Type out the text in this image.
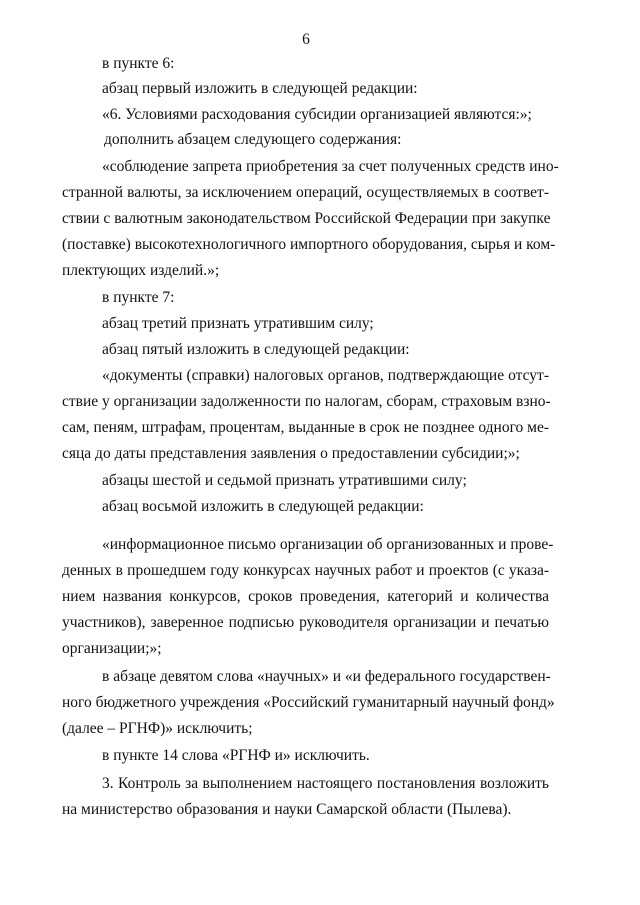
6
в пункте 6:
абзац первый изложить в следующей редакции:
«6. Условиями расходования субсидии организацией являются:»;
дополнить абзацем следующего содержания:
«соблюдение запрета приобретения за счет полученных средств ино-
странной валюты, за исключением операций, осуществляемых в соответ-
ствии с валютным законодательством Российской Федерации при закупке
(поставке) высокотехнологичного импортного оборудования, сырья и ком-
плектующих изделий.»;
в пункте 7:
абзац третий признать утратившим силу;
абзац пятый изложить в следующей редакции:
«документы (справки) налоговых органов, подтверждающие отсут-
ствие у организации задолженности по налогам, сборам, страховым взно-
сам, пеням, штрафам, процентам, выданные в срок не позднее одного ме-
сяца до даты представления заявления о предоставлении субсидии;»;
абзацы шестой и седьмой признать утратившими силу;
абзац восьмой изложить в следующей редакции:
«информационное письмо организации об организованных и прове-
денных в прошедшем году конкурсах научных работ и проектов (с указа-
нием названия конкурсов, сроков проведения, категорий и количества
участников), заверенное подписью руководителя организации и печатью
организации;»;
в абзаце девятом слова «научных» и «и федерального государствен-
ного бюджетного учреждения «Российский гуманитарный научный фонд»
(далее – РГНФ)» исключить;
в пункте 14 слова «РГНФ и» исключить.
3. Контроль за выполнением настоящего постановления возложить
на министерство образования и науки Самарской области (Пылева).
